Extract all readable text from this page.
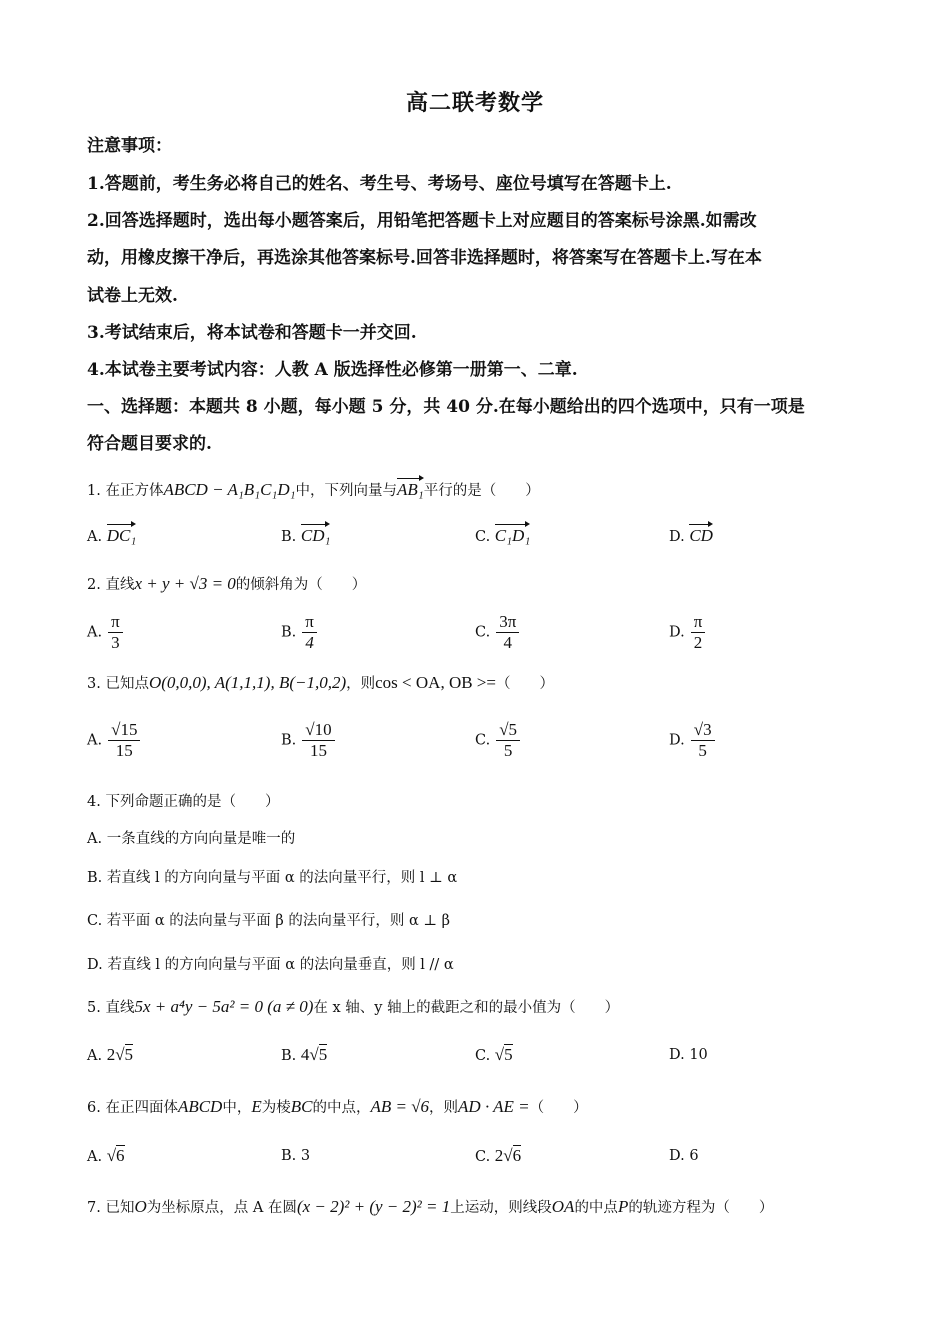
高二联考数学
注意事项：
1.答题前，考生务必将自己的姓名、考生号、考场号、座位号填写在答题卡上.
2.回答选择题时，选出每小题答案后，用铅笔把答题卡上对应题目的答案标号涂黑.如需改
动，用橡皮擦干净后，再选涂其他答案标号.回答非选择题时，将答案写在答题卡上.写在本
试卷上无效.
3.考试结束后，将本试卷和答题卡一并交回.
4.本试卷主要考试内容：人教 A 版选择性必修第一册第一、二章.
一、选择题：本题共 8 小题，每小题 5 分，共 40 分.在每小题给出的四个选项中，只有一项是
符合题目要求的.
1. 在正方体ABCD − A₁B₁C₁D₁中，下列向量与AB₁平行的是（　　）
A. DC₁	B. CD₁	C. C₁D₁	D. CD
2. 直线x + y + √3 = 0的倾斜角为（　　）
A. $\frac{\pi}{3}$	B. $\frac{\pi}{4}$	C. $\frac{3\pi}{4}$	D. $\frac{\pi}{2}$
3. 已知点O(0,0,0), A(1,1,1), B(−1,0,2)，则cos < OA, OB >=（　　）
A. $\frac{√15}{15}$	B. $\frac{√10}{15}$	C. $\frac{√5}{5}$	D. $\frac{√3}{5}$
4. 下列命题正确的是（　　）
A. 一条直线的方向向量是唯一的
B. 若直线 l 的方向向量与平面 α 的法向量平行，则 l ⊥ α
C. 若平面 α 的法向量与平面 β 的法向量平行，则 α ⊥ β
D. 若直线 l 的方向向量与平面 α 的法向量垂直，则 l // α
5. 直线5x + a⁴y − 5a² = 0 (a ≠ 0)在 x 轴、y 轴上的截距之和的最小值为（　　）
A. 2√5	B. 4√5	C. √5	D. 10
6. 在正四面体ABCD中，E为棱BC的中点，AB = √6，则AD · AE =（　　）
A. √6	B. 3	C. 2√6	D. 6
7. 已知O为坐标原点，点 A 在圆(x − 2)² + (y − 2)² = 1上运动，则线段OA的中点P的轨迹方程为（　　）
